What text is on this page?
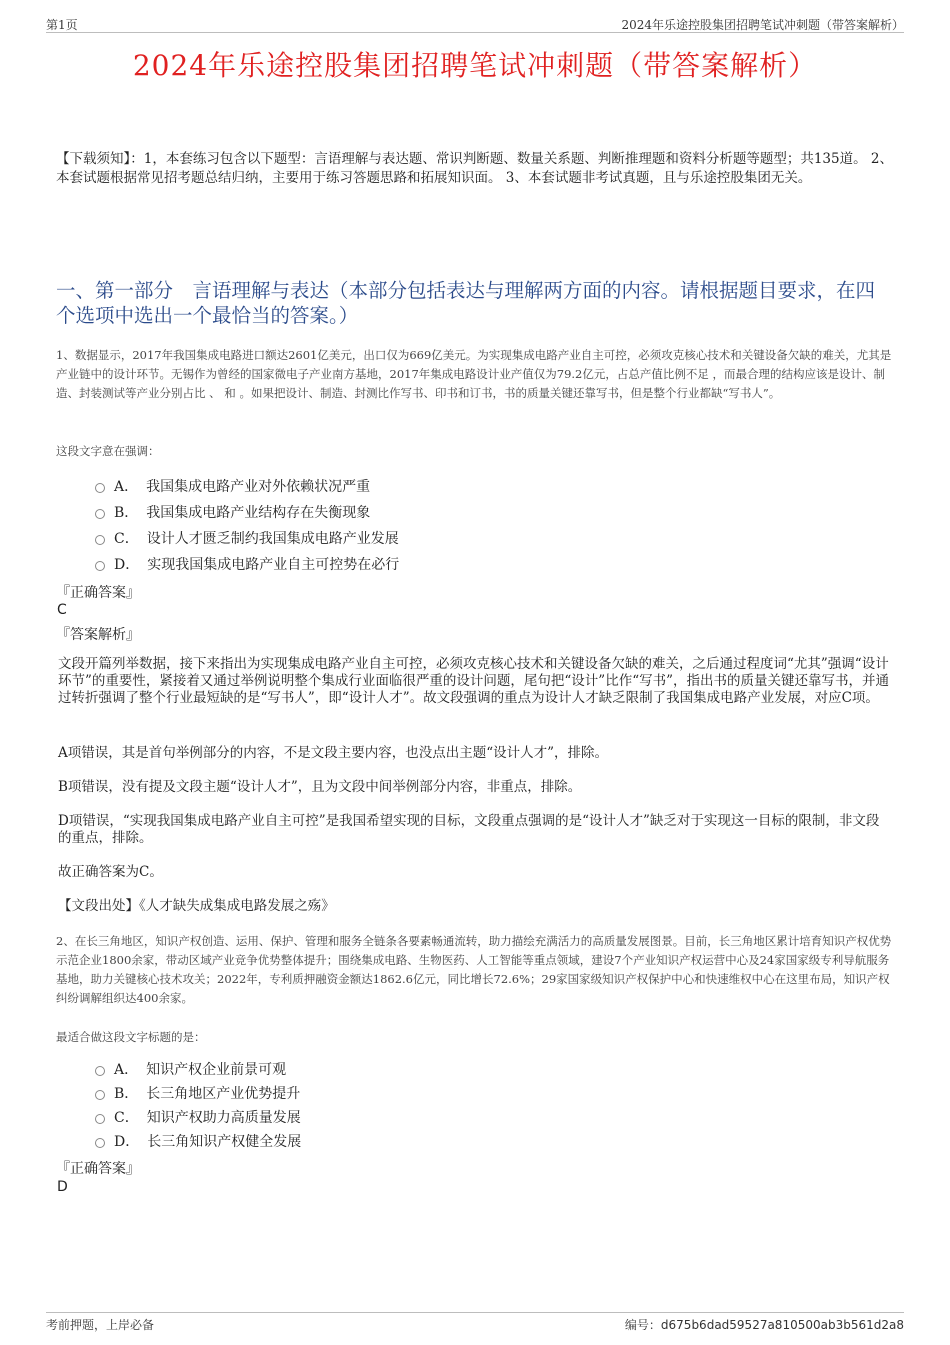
第1页	2024年乐途控股集团招聘笔试冲刺题（带答案解析）
2024年乐途控股集团招聘笔试冲刺题（带答案解析）
【下载须知】：1，本套练习包含以下题型：言语理解与表达题、常识判断题、数量关系题、判断推理题和资料分析题等题型；共135道。 2、本套试题根据常见招考题总结归纳，主要用于练习答题思路和拓展知识面。 3、本套试题非考试真题，且与乐途控股集团无关。
一、第一部分　言语理解与表达（本部分包括表达与理解两方面的内容。请根据题目要求，在四个选项中选出一个最恰当的答案。）
1、数据显示，2017年我国集成电路进口额达2601亿美元，出口仅为669亿美元。为实现集成电路产业自主可控，必须攻克核心技术和关键设备欠缺的难关，尤其是产业链中的设计环节。无锡作为曾经的国家微电子产业南方基地，2017年集成电路设计业产值仅为79.2亿元，占总产值比例不足 ，而最合理的结构应该是设计、制造、封装测试等产业分别占比 、 和 。如果把设计、制造、封测比作写书、印书和订书，书的质量关键还靠写书，但是整个行业都缺“写书人”。
这段文字意在强调：
A． 我国集成电路产业对外依赖状况严重
B． 我国集成电路产业结构存在失衡现象
C． 设计人才匮乏制约我国集成电路产业发展
D． 实现我国集成电路产业自主可控势在必行
『正确答案』
C
『答案解析』
文段开篇列举数据，接下来指出为实现集成电路产业自主可控，必须攻克核心技术和关键设备欠缺的难关，之后通过程度词“尤其”强调“设计环节”的重要性，紧接着又通过举例说明整个集成行业面临很严重的设计问题，尾句把“设计”比作“写书”，指出书的质量关键还靠写书，并通过转折强调了整个行业最短缺的是“写书人”，即“设计人才”。故文段强调的重点为设计人才缺乏限制了我国集成电路产业发展，对应C项。
A项错误，其是首句举例部分的内容，不是文段主要内容，也没点出主题“设计人才”，排除。
B项错误，没有提及文段主题“设计人才”，且为文段中间举例部分内容，非重点，排除。
D项错误，“实现我国集成电路产业自主可控”是我国希望实现的目标，文段重点强调的是“设计人才”缺乏对于实现这一目标的限制，非文段的重点，排除。
故正确答案为C。
【文段出处】《人才缺失成集成电路发展之殇》
2、在长三角地区，知识产权创造、运用、保护、管理和服务全链条各要素畅通流转，助力描绘充满活力的高质量发展图景。目前，长三角地区累计培育知识产权优势示范企业1800余家，带动区域产业竞争优势整体提升；围绕集成电路、生物医药、人工智能等重点领域，建设7个产业知识产权运营中心及24家国家级专利导航服务基地，助力关键核心技术攻关；2022年，专利质押融资金额达1862.6亿元，同比增长72.6%；29家国家级知识产权保护中心和快速维权中心在这里布局，知识产权纠纷调解组织达400余家。
最适合做这段文字标题的是：
A． 知识产权企业前景可观
B． 长三角地区产业优势提升
C． 知识产权助力高质量发展
D． 长三角知识产权健全发展
『正确答案』
D
考前押题，上岸必备	编号：d675b6dad59527a810500ab3b561d2a8
